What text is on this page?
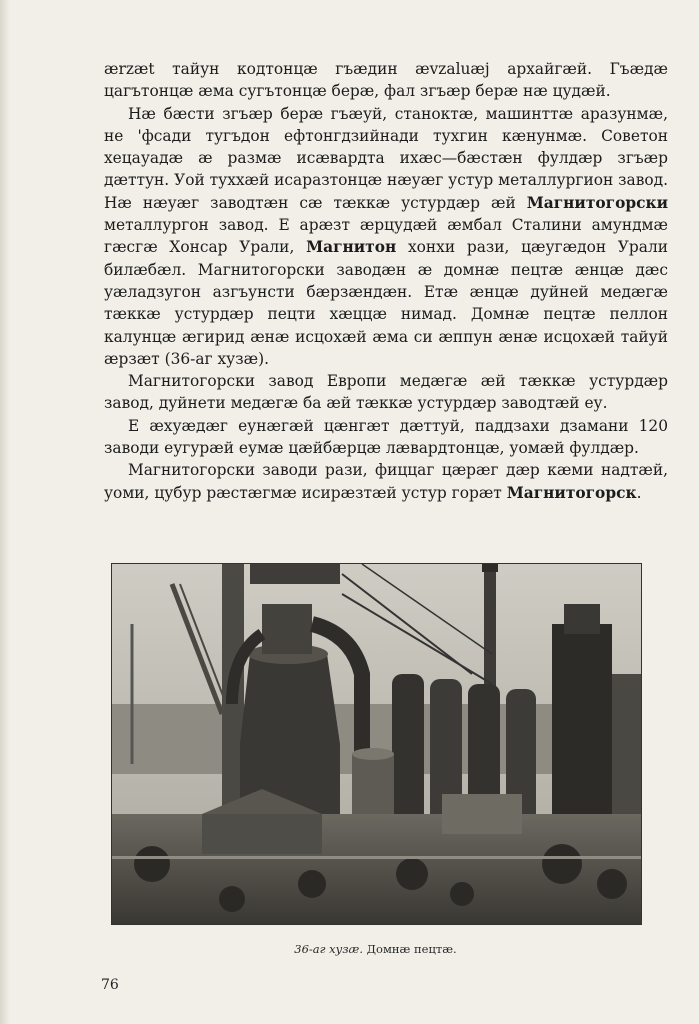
ærzæt тайун кодтонцæ гъæдин ævzaluæj архайгæй. Гъæдæ цагътонцæ æма сугътонцæ берæ, фал згъæр берæ нæ цудæй.

Нæ бæсти згъæр берæ гъæуй, станоктæ, машинттæ аразунмæ, не 'фсади тугъдон ефтонгдзийнади тухгин кæнунмæ. Советон хецауадæ æ размæ исæвардта ихæс—бæстæн фулдæр згъæр дæттун. Уой туххæй исаразтонцæ нæуæг устур металлургион завод. Нæ нæуæг заводтæн сæ тæккæ устурдæр æй Магнитогорски металлургон завод. Е арæзт æрцудæй æмбал Сталини амундмæ гæсгæ Хонсар Урали, Магнитон хонхи рази, цæугæдон Урали билæбæл. Магнитогорски заводæн æ домнæ пецтæ æнцæ дæс уæладзугон азгъунсти бæрзæндæн. Етæ æнцæ дуйней медæгæ тæккæ устурдæр пецти хæццæ нимад. Домнæ пецтæ пеллон калунцæ æгирид æнæ исцохæй æма си æппун æнæ исцохæй тайуй æрзæт (36-аг хузæ).

Магнитогорски завод Европи медæгæ æй тæккæ устурдæр завод, дуйнети медæгæ ба æй тæккæ устурдæр заводтæй еу.

Е æхуæдæг еунæгæй цæнгæт дæттуй, паддзахи дзамани 120 заводи еугурæй еумæ цæйбæрцæ лæвардтонцæ, уомæй фулдæр.

Магнитогорски заводи рази, фиццаг цæрæг дæр кæми надтæй, уоми, цубур рæстæгмæ исирæзтæй устур горæт Магнитогорск.

36-аг хузæ. Домнæ пецтæ.
76
